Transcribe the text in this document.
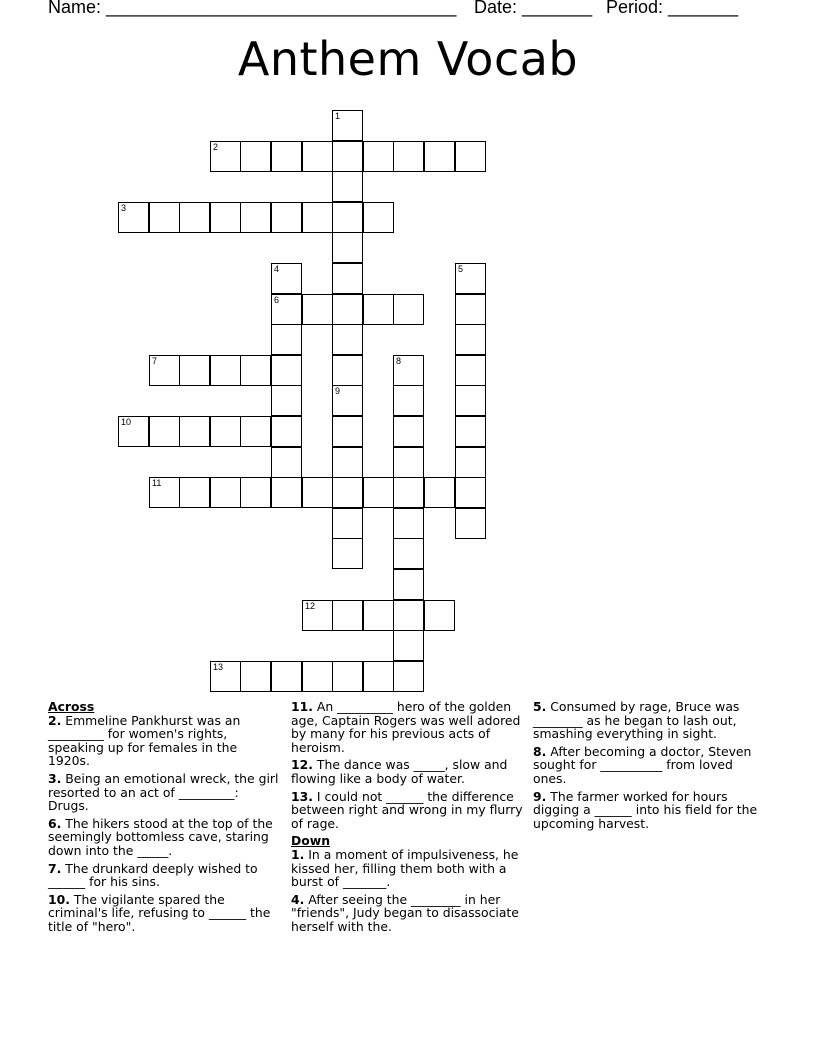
Name: ___________________________________ Date: _______ Period: _______
Anthem Vocab
1
2
3
4
6
5
7	8
9
10
11
12
13
Across
2. Emmeline Pankhurst was an _________ for women's rights, speaking up for females in the 1920s.
3. Being an emotional wreck, the girl resorted to an act of _________: Drugs.
6. The hikers stood at the top of the seemingly bottomless cave, staring down into the _____.
7. The drunkard deeply wished to ______ for his sins.
10. The vigilante spared the criminal's life, refusing to ______ the title of "hero".
11. An _________ hero of the golden age, Captain Rogers was well adored by many for his previous acts of heroism.
12. The dance was _____, slow and flowing like a body of water.
13. I could not ______ the difference between right and wrong in my flurry of rage.
Down
1. In a moment of impulsiveness, he kissed her, filling them both with a burst of _______.
4. After seeing the ________ in her "friends", Judy began to disassociate herself with the.
5. Consumed by rage, Bruce was ________ as he began to lash out, smashing everything in sight.
8. After becoming a doctor, Steven sought for __________ from loved ones.
9. The farmer worked for hours digging a ______ into his field for the upcoming harvest.
